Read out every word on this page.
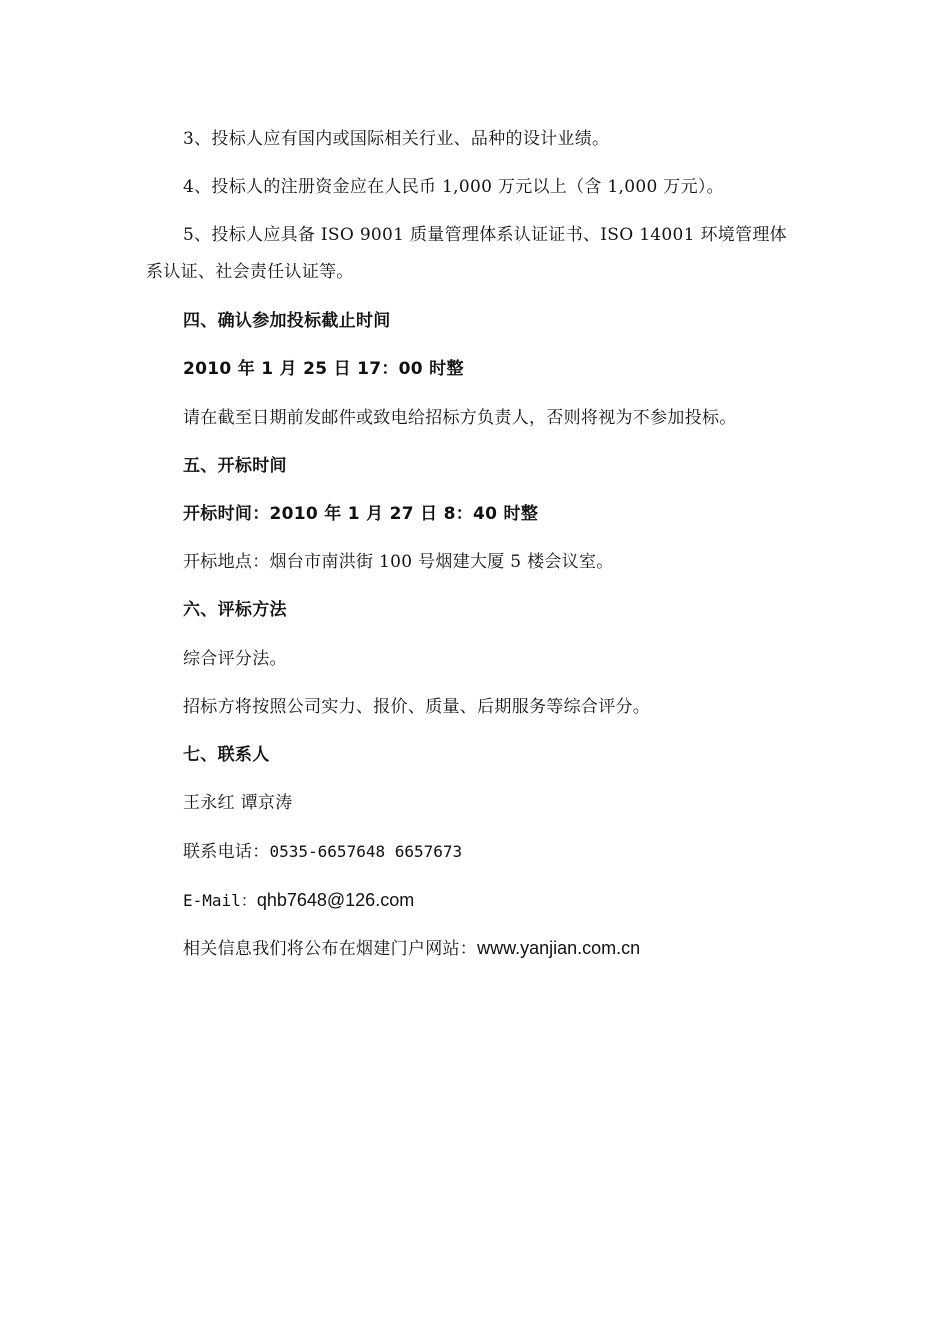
3、投标人应有国内或国际相关行业、品种的设计业绩。
4、投标人的注册资金应在人民币 1,000 万元以上（含 1,000 万元）。
5、投标人应具备 ISO 9001 质量管理体系认证证书、ISO 14001 环境管理体
系认证、社会责任认证等。
四、确认参加投标截止时间
2010 年 1 月 25 日 17：00 时整
请在截至日期前发邮件或致电给招标方负责人，否则将视为不参加投标。
五、开标时间
开标时间：2010 年 1 月 27 日 8：40 时整
开标地点：烟台市南洪街 100 号烟建大厦 5 楼会议室。
六、评标方法
综合评分法。
招标方将按照公司实力、报价、质量、后期服务等综合评分。
七、联系人
王永红 谭京涛
联系电话：0535-6657648 6657673
E-Mail：qhb7648@126.com
相关信息我们将公布在烟建门户网站：www.yanjian.com.cn
